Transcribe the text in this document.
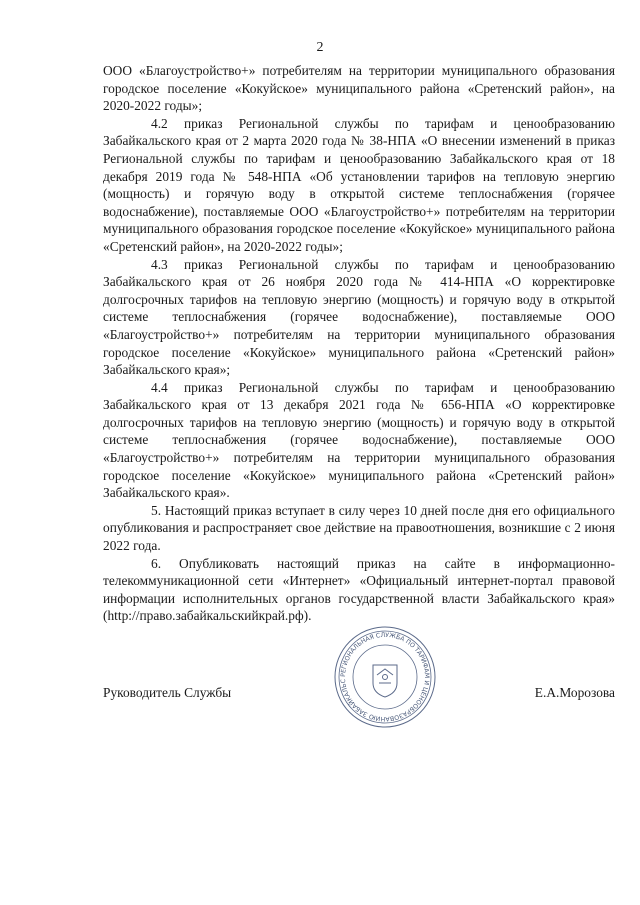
2

ООО «Благоустройство+» потребителям на территории муниципального образования городское поселение «Кокуйское» муниципального района «Сретенский район», на 2020-2022 годы»;

4.2 приказ Региональной службы по тарифам и ценообразованию Забайкальского края от 2 марта 2020 года № 38-НПА «О внесении изменений в приказ Региональной службы по тарифам и ценообразованию Забайкальского края от 18 декабря 2019 года № 548-НПА «Об установлении тарифов на тепловую энергию (мощность) и горячую воду в открытой системе теплоснабжения (горячее водоснабжение), поставляемые ООО «Благоустройство+» потребителям на территории муниципального образования городское поселение «Кокуйское» муниципального района «Сретенский район», на 2020-2022 годы»;

4.3 приказ Региональной службы по тарифам и ценообразованию Забайкальского края от 26 ноября 2020 года № 414-НПА «О корректировке долгосрочных тарифов на тепловую энергию (мощность) и горячую воду в открытой системе теплоснабжения (горячее водоснабжение), поставляемые ООО «Благоустройство+» потребителям на территории муниципального образования городское поселение «Кокуйское» муниципального района «Сретенский район» Забайкальского края»;

4.4 приказ Региональной службы по тарифам и ценообразованию Забайкальского края от 13 декабря 2021 года № 656-НПА «О корректировке долгосрочных тарифов на тепловую энергию (мощность) и горячую воду в открытой системе теплоснабжения (горячее водоснабжение), поставляемые ООО «Благоустройство+» потребителям на территории муниципального образования городское поселение «Кокуйское» муниципального района «Сретенский район» Забайкальского края».

5. Настоящий приказ вступает в силу через 10 дней после дня его официального опубликования и распространяет свое действие на правоотношения, возникшие с 2 июня 2022 года.

6. Опубликовать настоящий приказ на сайте в информационно-телекоммуникационной сети «Интернет» «Официальный интернет-портал правовой информации исполнительных органов государственной власти Забайкальского края» (http://право.забайкальскийкрай.рф).

РЕГИОНАЛЬНАЯ СЛУЖБА ПО ТАРИФАМ И ЦЕНООБРАЗОВАНИЮ ЗАБАЙКАЛЬС
Руководитель Службы	Е.А.Морозова
